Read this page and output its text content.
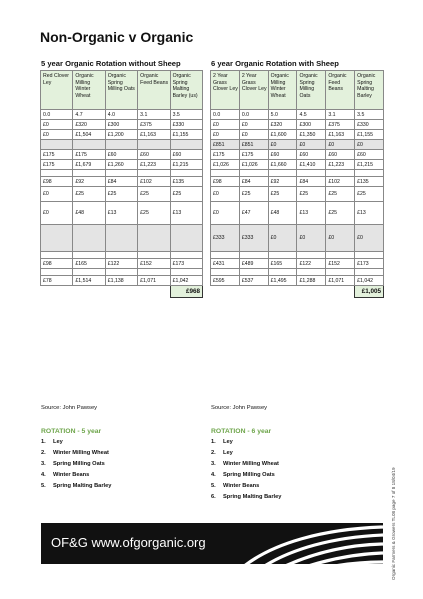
Non-Organic v Organic
5 year Organic Rotation without Sheep	6 year Organic Rotation with Sheep
Red Clover Ley	Organic Milling Winter Wheat	Organic Spring Milling Oats	Organic Feed Beans	Organic Spring Malting Barley (us)
0.0	4.7	4.0	3.1	3.5
£0	£320	£300	£375	£330
£0	£1,504	£1,200	£1,163	£1,155

£175	£175	£60	£60	£60
£175	£1,679	£1,260	£1,223	£1,215

£98	£92	£84	£102	£135
£0	£25	£25	£25	£25
£0	£48	£13	£25	£13

£98	£165	£122	£152	£173

£78	£1,514	£1,138	£1,071	£1,042
				£968
2 Year Grass Clover Ley	2 Year Grass Clover Ley	Organic Milling Winter Wheat	Organic Spring Milling Oats	Organic Feed Beans	Organic Spring Malting Barley
0.0	0.0	5.0	4.5	3.1	3.5
£0	£0	£320	£300	£375	£330
£0	£0	£1,600	£1,350	£1,163	£1,155
£851	£851	£0	£0	£0	£0
£175	£175	£60	£60	£60	£60
£1,026	£1,026	£1,660	£1,410	£1,223	£1,215

£98	£84	£92	£84	£102	£135
£0	£25	£25	£25	£25	£25
£0	£47	£48	£13	£25	£13
£333	£333	£0	£0	£0	£0

£431	£489	£165	£122	£152	£173

£595	£537	£1,495	£1,288	£1,071	£1,042
					£1,005
Source: John Pawsey	Source: John Pawsey
ROTATION - 5 year
1.	Ley
2.	Winter Milling Wheat
3.	Spring Milling Oats
4.	Winter Beans
5.	Spring Malting Barley
ROTATION - 6 year
1.	Ley
2.	Ley
3.	Winter Milling Wheat
4.	Spring Milling Oats
5.	Winter Beans
6.	Spring Malting Barley	Organic Farmers & Growers TL08 page 7 of 8 18/04/19
OF&G www.ofgorganic.org
